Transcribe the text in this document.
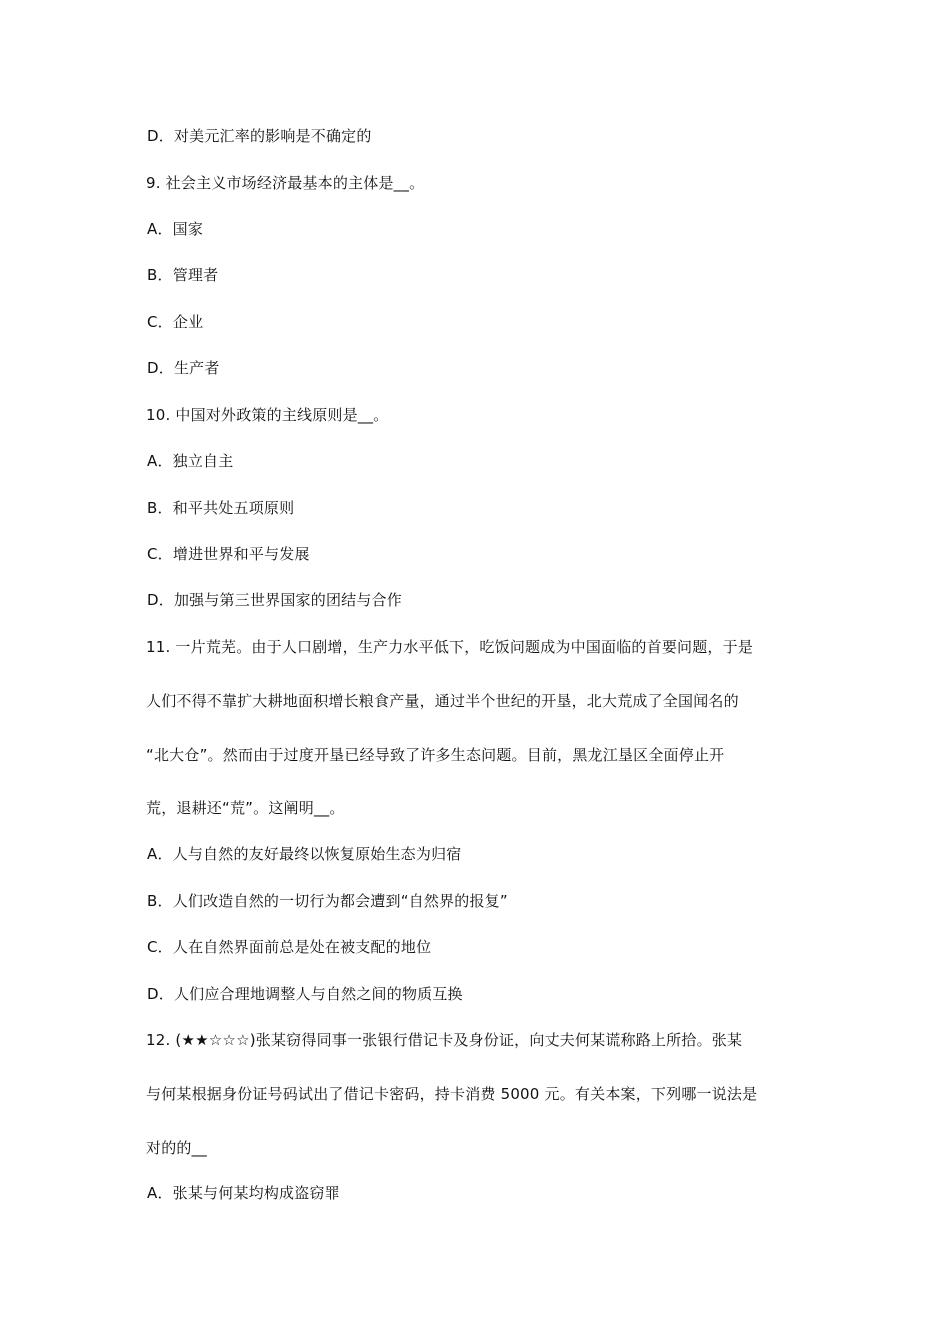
D．对美元汇率的影响是不确定的
9. 社会主义市场经济最基本的主体是__。
A．国家
B．管理者
C．企业
D．生产者
10. 中国对外政策的主线原则是__。
A．独立自主
B．和平共处五项原则
C．增进世界和平与发展
D．加强与第三世界国家的团结与合作
11. 一片荒芜。由于人口剧增，生产力水平低下，吃饭问题成为中国面临的首要问题，于是
人们不得不靠扩大耕地面积增长粮食产量，通过半个世纪的开垦，北大荒成了全国闻名的
“北大仓”。然而由于过度开垦已经导致了许多生态问题。目前，黑龙江垦区全面停止开
荒，退耕还“荒”。这阐明__。
A．人与自然的友好最终以恢复原始生态为归宿
B．人们改造自然的一切行为都会遭到“自然界的报复”
C．人在自然界面前总是处在被支配的地位
D．人们应合理地调整人与自然之间的物质互换
12. (★★☆☆☆)张某窃得同事一张银行借记卡及身份证，向丈夫何某谎称路上所拾。张某
与何某根据身份证号码试出了借记卡密码，持卡消费 5000 元。有关本案，下列哪一说法是
对的的__
A．张某与何某均构成盗窃罪
